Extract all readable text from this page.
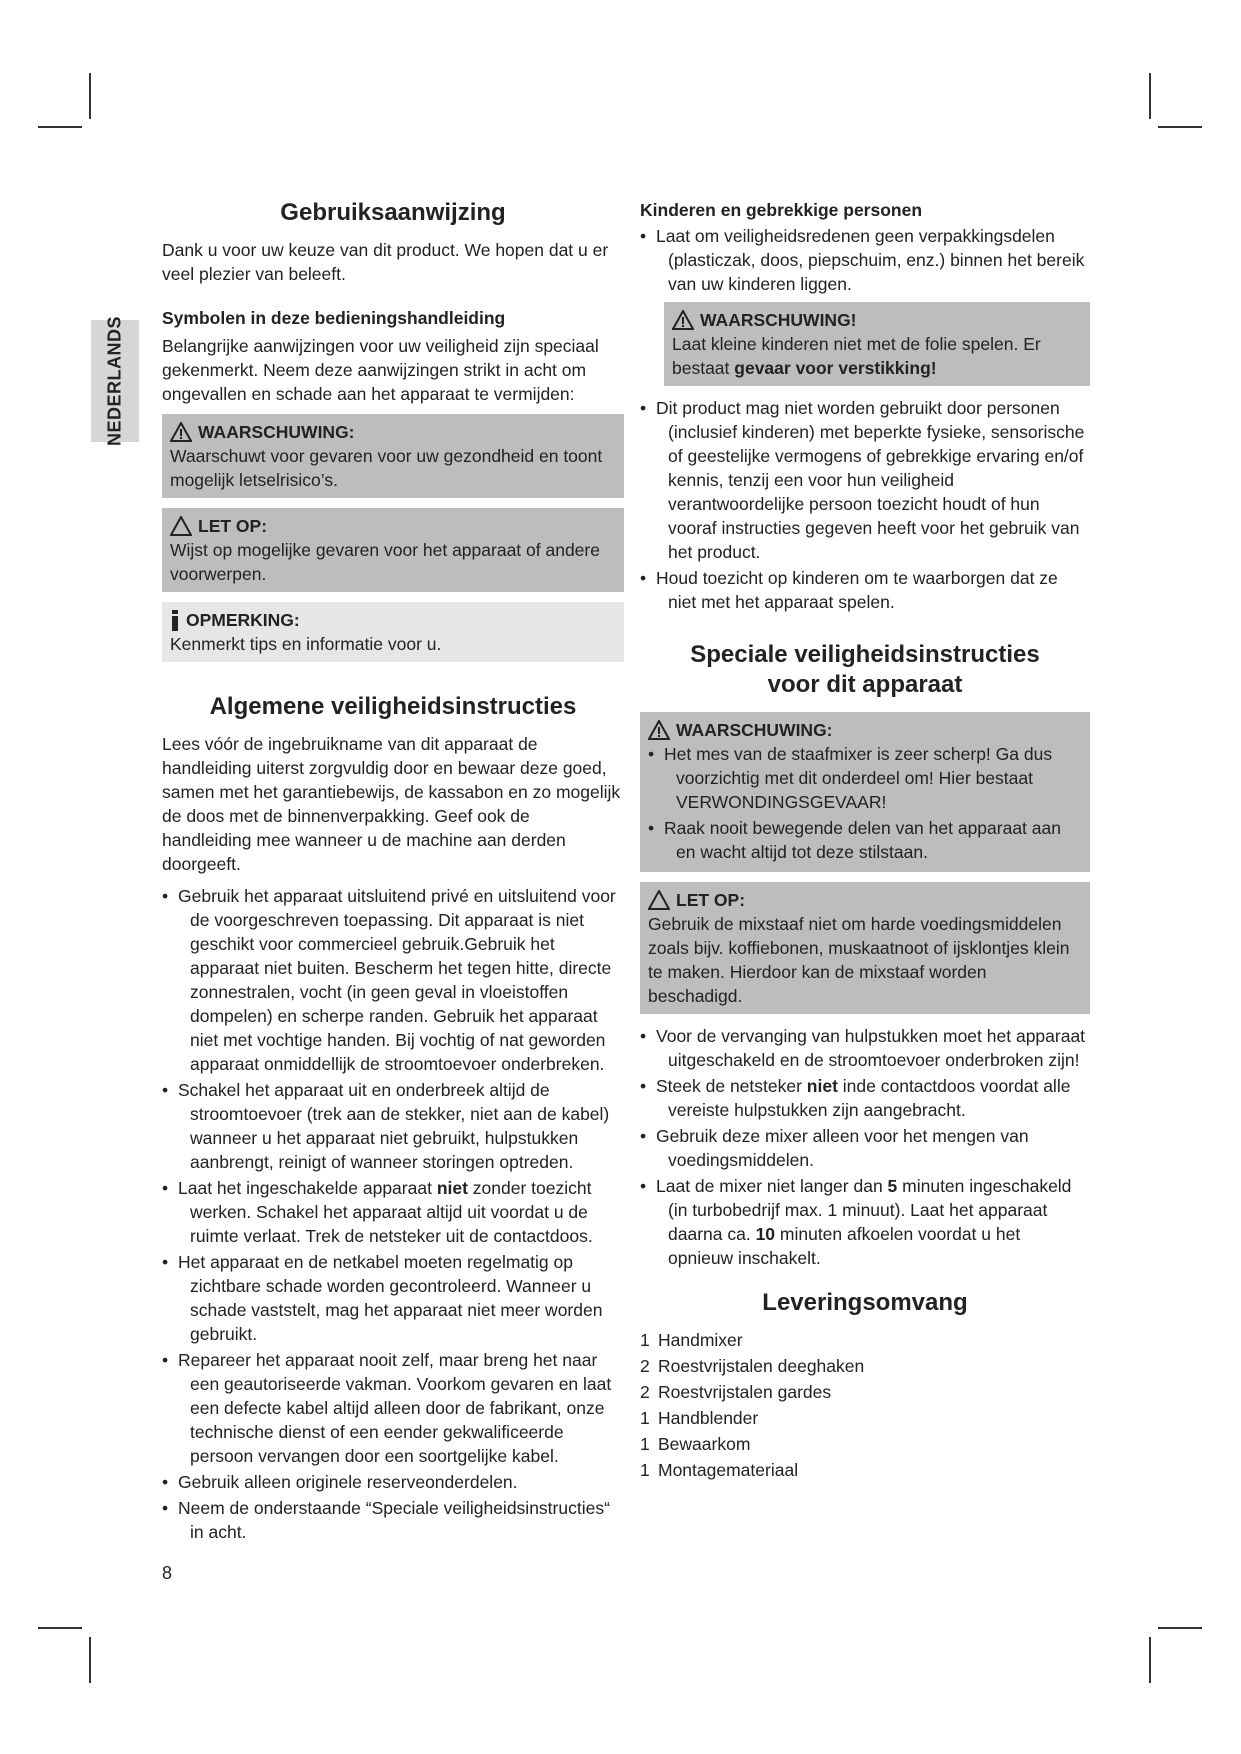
NEDERLANDS
Gebruiksaanwijzing

Dank u voor uw keuze van dit product. We hopen dat u er veel plezier van beleeft.

Symbolen in deze bedieningshandleiding

Belangrijke aanwijzingen voor uw veiligheid zijn speciaal gekenmerkt. Neem deze aanwijzingen strikt in acht om ongevallen en schade aan het apparaat te vermijden:

WAARSCHUWING:

Waarschuwt voor gevaren voor uw gezondheid en toont mogelijk letselrisico’s.

LET OP:

Wijst op mogelijke gevaren voor het apparaat of andere voorwerpen.

OPMERKING:

Kenmerkt tips en informatie voor u.

Algemene veiligheidsinstructies

Lees vóór de ingebruikname van dit apparaat de handleiding uiterst zorgvuldig door en bewaar deze goed, samen met het garantiebewijs, de kassabon en zo mogelijk de doos met de binnenverpakking. Geef ook de handleiding mee wanneer u de machine aan derden doorgeeft.

• Gebruik het apparaat uitsluitend privé en uitsluitend voor de voorgeschreven toepassing. Dit apparaat is niet geschikt voor commercieel gebruik.Gebruik het apparaat niet buiten. Bescherm het tegen hitte, directe zonnestralen, vocht (in geen geval in vloeistoffen dompelen) en scherpe randen. Gebruik het apparaat niet met vochtige handen. Bij vochtig of nat geworden apparaat onmiddellijk de stroomtoevoer onderbreken.
• Schakel het apparaat uit en onderbreek altijd de stroomtoevoer (trek aan de stekker, niet aan de kabel) wanneer u het apparaat niet gebruikt, hulpstukken aanbrengt, reinigt of wanneer storingen optreden.
• Laat het ingeschakelde apparaat niet zonder toezicht werken. Schakel het apparaat altijd uit voordat u de ruimte verlaat. Trek de netsteker uit de contactdoos.
• Het apparaat en de netkabel moeten regelmatig op zichtbare schade worden gecontroleerd. Wanneer u schade vaststelt, mag het apparaat niet meer worden gebruikt.
• Repareer het apparaat nooit zelf, maar breng het naar een geautoriseerde vakman. Voorkom gevaren en laat een defecte kabel altijd alleen door de fabrikant, onze technische dienst of een eender gekwalificeerde persoon vervangen door een soortgelijke kabel.
• Gebruik alleen originele reserveonderdelen.
• Neem de onderstaande “Speciale veiligheidsinstructies“ in acht.
Kinderen en gebrekkige personen
• Laat om veiligheidsredenen geen verpakkingsdelen (plasticzak, doos, piepschuim, enz.) binnen het bereik van uw kinderen liggen.
WAARSCHUWING!

Laat kleine kinderen niet met de folie spelen. Er bestaat gevaar voor verstikking!

• Dit product mag niet worden gebruikt door personen (inclusief kinderen) met beperkte fysieke, sensorische of geestelijke vermogens of gebrekkige ervaring en/of kennis, tenzij een voor hun veiligheid verantwoordelijke persoon toezicht houdt of hun vooraf instructies gegeven heeft voor het gebruik van het product.
• Houd toezicht op kinderen om te waarborgen dat ze niet met het apparaat spelen.
Speciale veiligheidsinstructies
voor dit apparaat
WAARSCHUWING:
• Het mes van de staafmixer is zeer scherp! Ga dus voorzichtig met dit onderdeel om! Hier bestaat VERWONDINGSGEVAAR!
• Raak nooit bewegende delen van het apparaat aan en wacht altijd tot deze stilstaan.
LET OP:

Gebruik de mixstaaf niet om harde voedingsmiddelen zoals bijv. koffiebonen, muskaatnoot of ijsklontjes klein te maken. Hierdoor kan de mixstaaf worden beschadigd.

• Voor de vervanging van hulpstukken moet het apparaat uitgeschakeld en de stroomtoevoer onderbroken zijn!
• Steek de netsteker niet inde contactdoos voordat alle vereiste hulpstukken zijn aangebracht.
• Gebruik deze mixer alleen voor het mengen van voedingsmiddelen.
• Laat de mixer niet langer dan 5 minuten ingeschakeld (in turbobedrijf max. 1 minuut). Laat het apparaat daarna ca. 10 minuten afkoelen voordat u het opnieuw inschakelt.
Leveringsomvang
1 Handmixer
2 Roestvrijstalen deeghaken
2 Roestvrijstalen gardes
1 Handblender
1 Bewaarkom
1 Montagemateriaal
8
